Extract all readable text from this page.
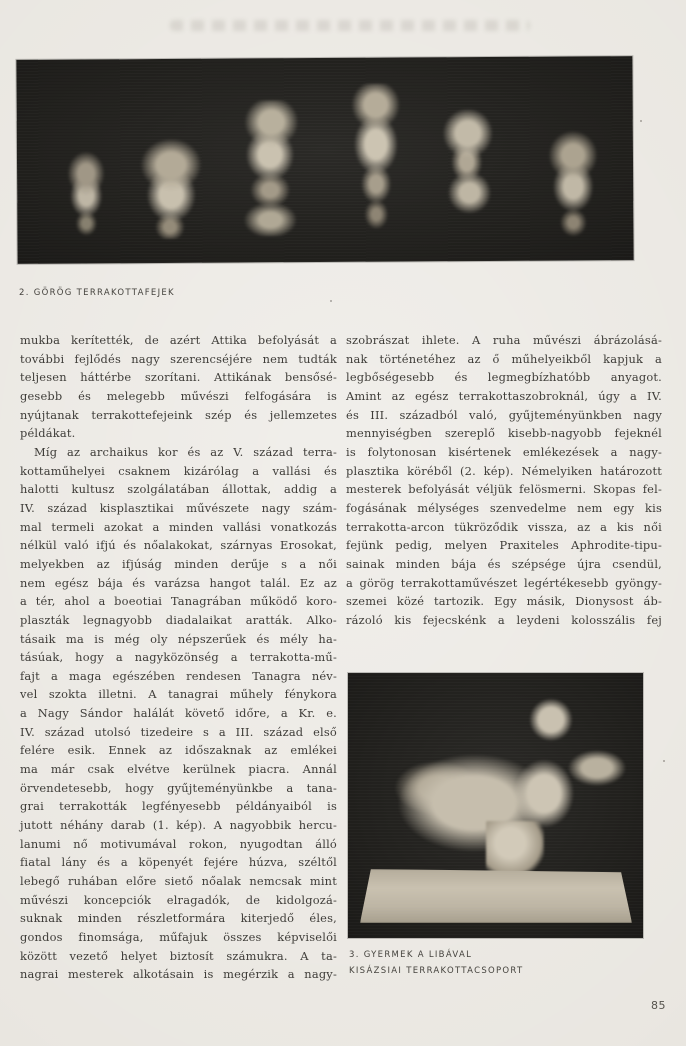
2. GÖRÖG TERRAKOTTAFEJEK
mukba kerítették, de azért Attika befolyását a
további fejlődés nagy szerencséjére nem tudták
teljesen háttérbe szorítani. Attikának bensősé-
gesebb és melegebb művészi felfogására is
nyújtanak terrakottefejeink szép és jellemzetes
példákat.
Míg az archaikus kor és az V. század terra-
kottaműhelyei csaknem kizárólag a vallási és
halotti kultusz szolgálatában állottak, addig a
IV. század kisplasztikai művészete nagy szám-
mal termeli azokat a minden vallási vonatkozás
nélkül való ifjú és nőalakokat, szárnyas Erosokat,
melyekben az ifjúság minden derűje s a női
nem egész bája és varázsa hangot talál. Ez az
a tér, ahol a boeotiai Tanagrában működő koro-
plaszták legnagyobb diadalaikat aratták. Alko-
tásaik ma is még oly népszerűek és mély ha-
tásúak, hogy a nagyközönség a terrakotta-mű-
fajt a maga egészében rendesen Tanagra név-
vel szokta illetni. A tanagrai műhely fénykora
a Nagy Sándor halálát követő időre, a Kr. e.
IV. század utolsó tizedeire s a III. század első
felére esik. Ennek az időszaknak az emlékei
ma már csak elvétve kerülnek piacra. Annál
örvendetesebb, hogy gyűjteményünkbe a tana-
grai terrakották legfényesebb példányaiból is
jutott néhány darab (1. kép). A nagyobbik hercu-
lanumi nő motivumával rokon, nyugodtan álló
fiatal lány és a köpenyét fejére húzva, széltől
lebegő ruhában előre siető nőalak nemcsak mint
művészi koncepciók elragadók, de kidolgozá-
suknak minden részletformára kiterjedő éles,
gondos finomsága, műfajuk összes képviselői
között vezető helyet biztosít számukra. A ta-
nagrai mesterek alkotásain is megérzik a nagy-
szobrászat ihlete. A ruha művészi ábrázolásá-
nak történetéhez az ő műhelyeikből kapjuk a
legbőségesebb és legmegbízhatóbb anyagot.
Amint az egész terrakottaszobroknál, úgy a IV.
és III. századból való, gyűjteményünkben nagy
mennyiségben szereplő kisebb-nagyobb fejeknél
is folytonosan kisértenek emlékezések a nagy-
plasztika köréből (2. kép). Némelyiken határozott
mesterek befolyását véljük felösmerni. Skopas fel-
fogásának mélységes szenvedelme nem egy kis
terrakotta-arcon tükröződik vissza, az a kis női
fejünk pedig, melyen Praxiteles Aphrodite-tipu-
sainak minden bája és szépsége újra csendül,
a görög terrakottaművészet legértékesebb gyöngy-
szemei közé tartozik. Egy másik, Dionysost áb-
rázoló kis fejecskénk a leydeni kolosszális fej
3. GYERMEK A LIBÁVAL
KISÁZSIAI TERRAKOTTACSOPORT
85
